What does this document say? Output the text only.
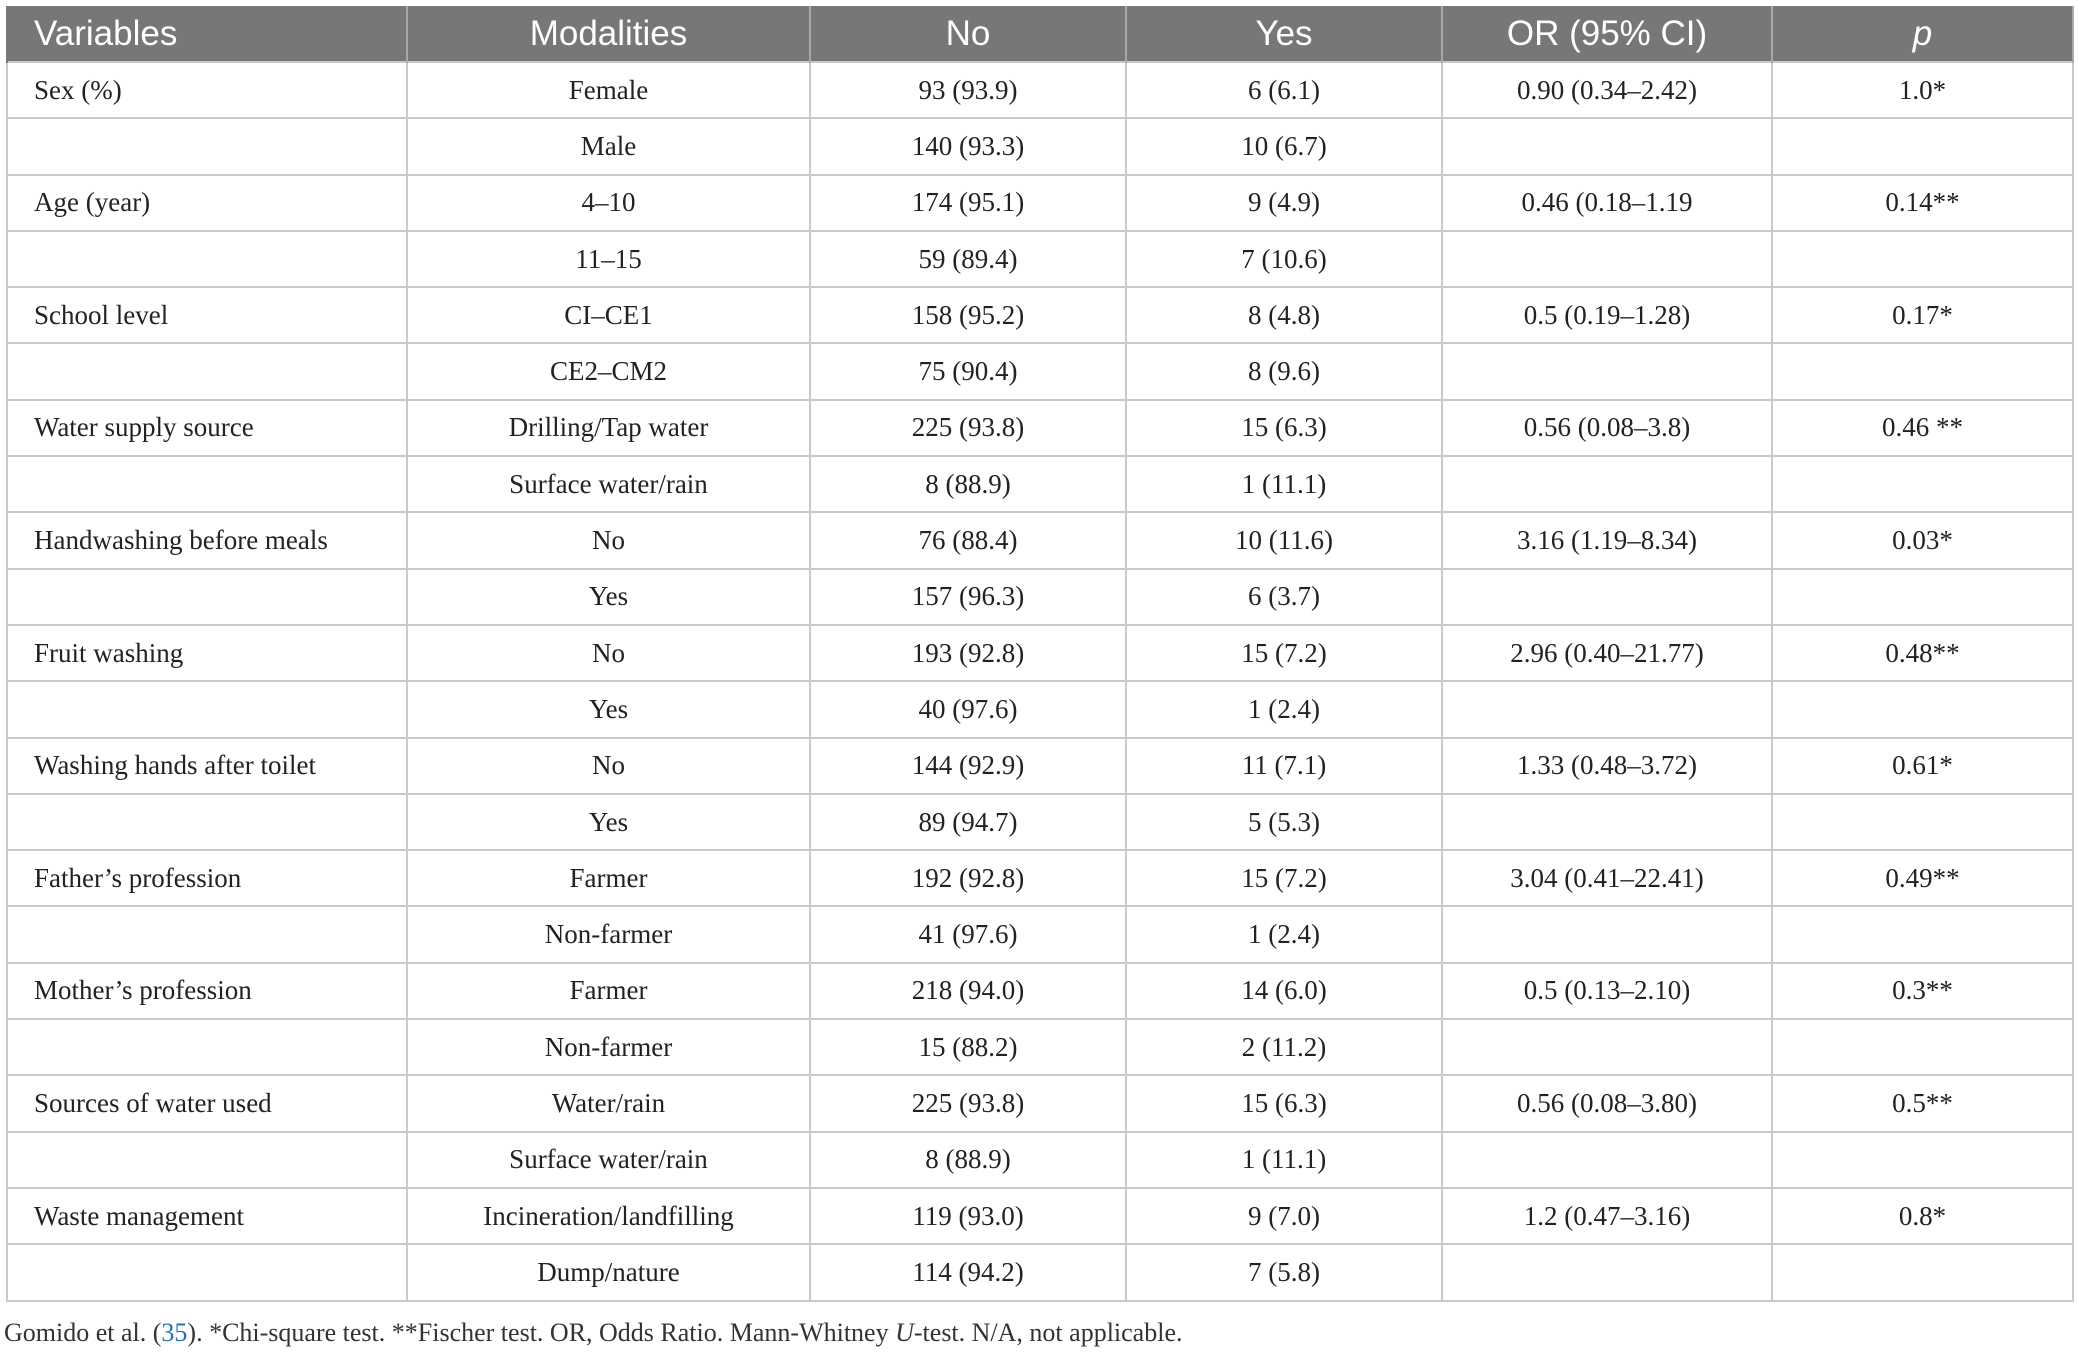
Variables	Modalities	No	Yes	OR (95% CI)	p
Sex (%)	Female	93 (93.9)	6 (6.1)	0.90 (0.34–2.42)	1.0*
	Male	140 (93.3)	10 (6.7)		
Age (year)	4–10	174 (95.1)	9 (4.9)	0.46 (0.18–1.19	0.14**
	11–15	59 (89.4)	7 (10.6)		
School level	CI–CE1	158 (95.2)	8 (4.8)	0.5 (0.19–1.28)	0.17*
	CE2–CM2	75 (90.4)	8 (9.6)		
Water supply source	Drilling/Tap water	225 (93.8)	15 (6.3)	0.56 (0.08–3.8)	0.46 **
	Surface water/rain	8 (88.9)	1 (11.1)		
Handwashing before meals	No	76 (88.4)	10 (11.6)	3.16 (1.19–8.34)	0.03*
	Yes	157 (96.3)	6 (3.7)		
Fruit washing	No	193 (92.8)	15 (7.2)	2.96 (0.40–21.77)	0.48**
	Yes	40 (97.6)	1 (2.4)		
Washing hands after toilet	No	144 (92.9)	11 (7.1)	1.33 (0.48–3.72)	0.61*
	Yes	89 (94.7)	5 (5.3)		
Father’s profession	Farmer	192 (92.8)	15 (7.2)	3.04 (0.41–22.41)	0.49**
	Non-farmer	41 (97.6)	1 (2.4)		
Mother’s profession	Farmer	218 (94.0)	14 (6.0)	0.5 (0.13–2.10)	0.3**
	Non-farmer	15 (88.2)	2 (11.2)		
Sources of water used	Water/rain	225 (93.8)	15 (6.3)	0.56 (0.08–3.80)	0.5**
	Surface water/rain	8 (88.9)	1 (11.1)		
Waste management	Incineration/landfilling	119 (93.0)	9 (7.0)	1.2 (0.47–3.16)	0.8*
	Dump/nature	114 (94.2)	7 (5.8)		
Gomido et al. (35). *Chi-square test. **Fischer test. OR, Odds Ratio. Mann-Whitney U-test. N/A, not applicable.
